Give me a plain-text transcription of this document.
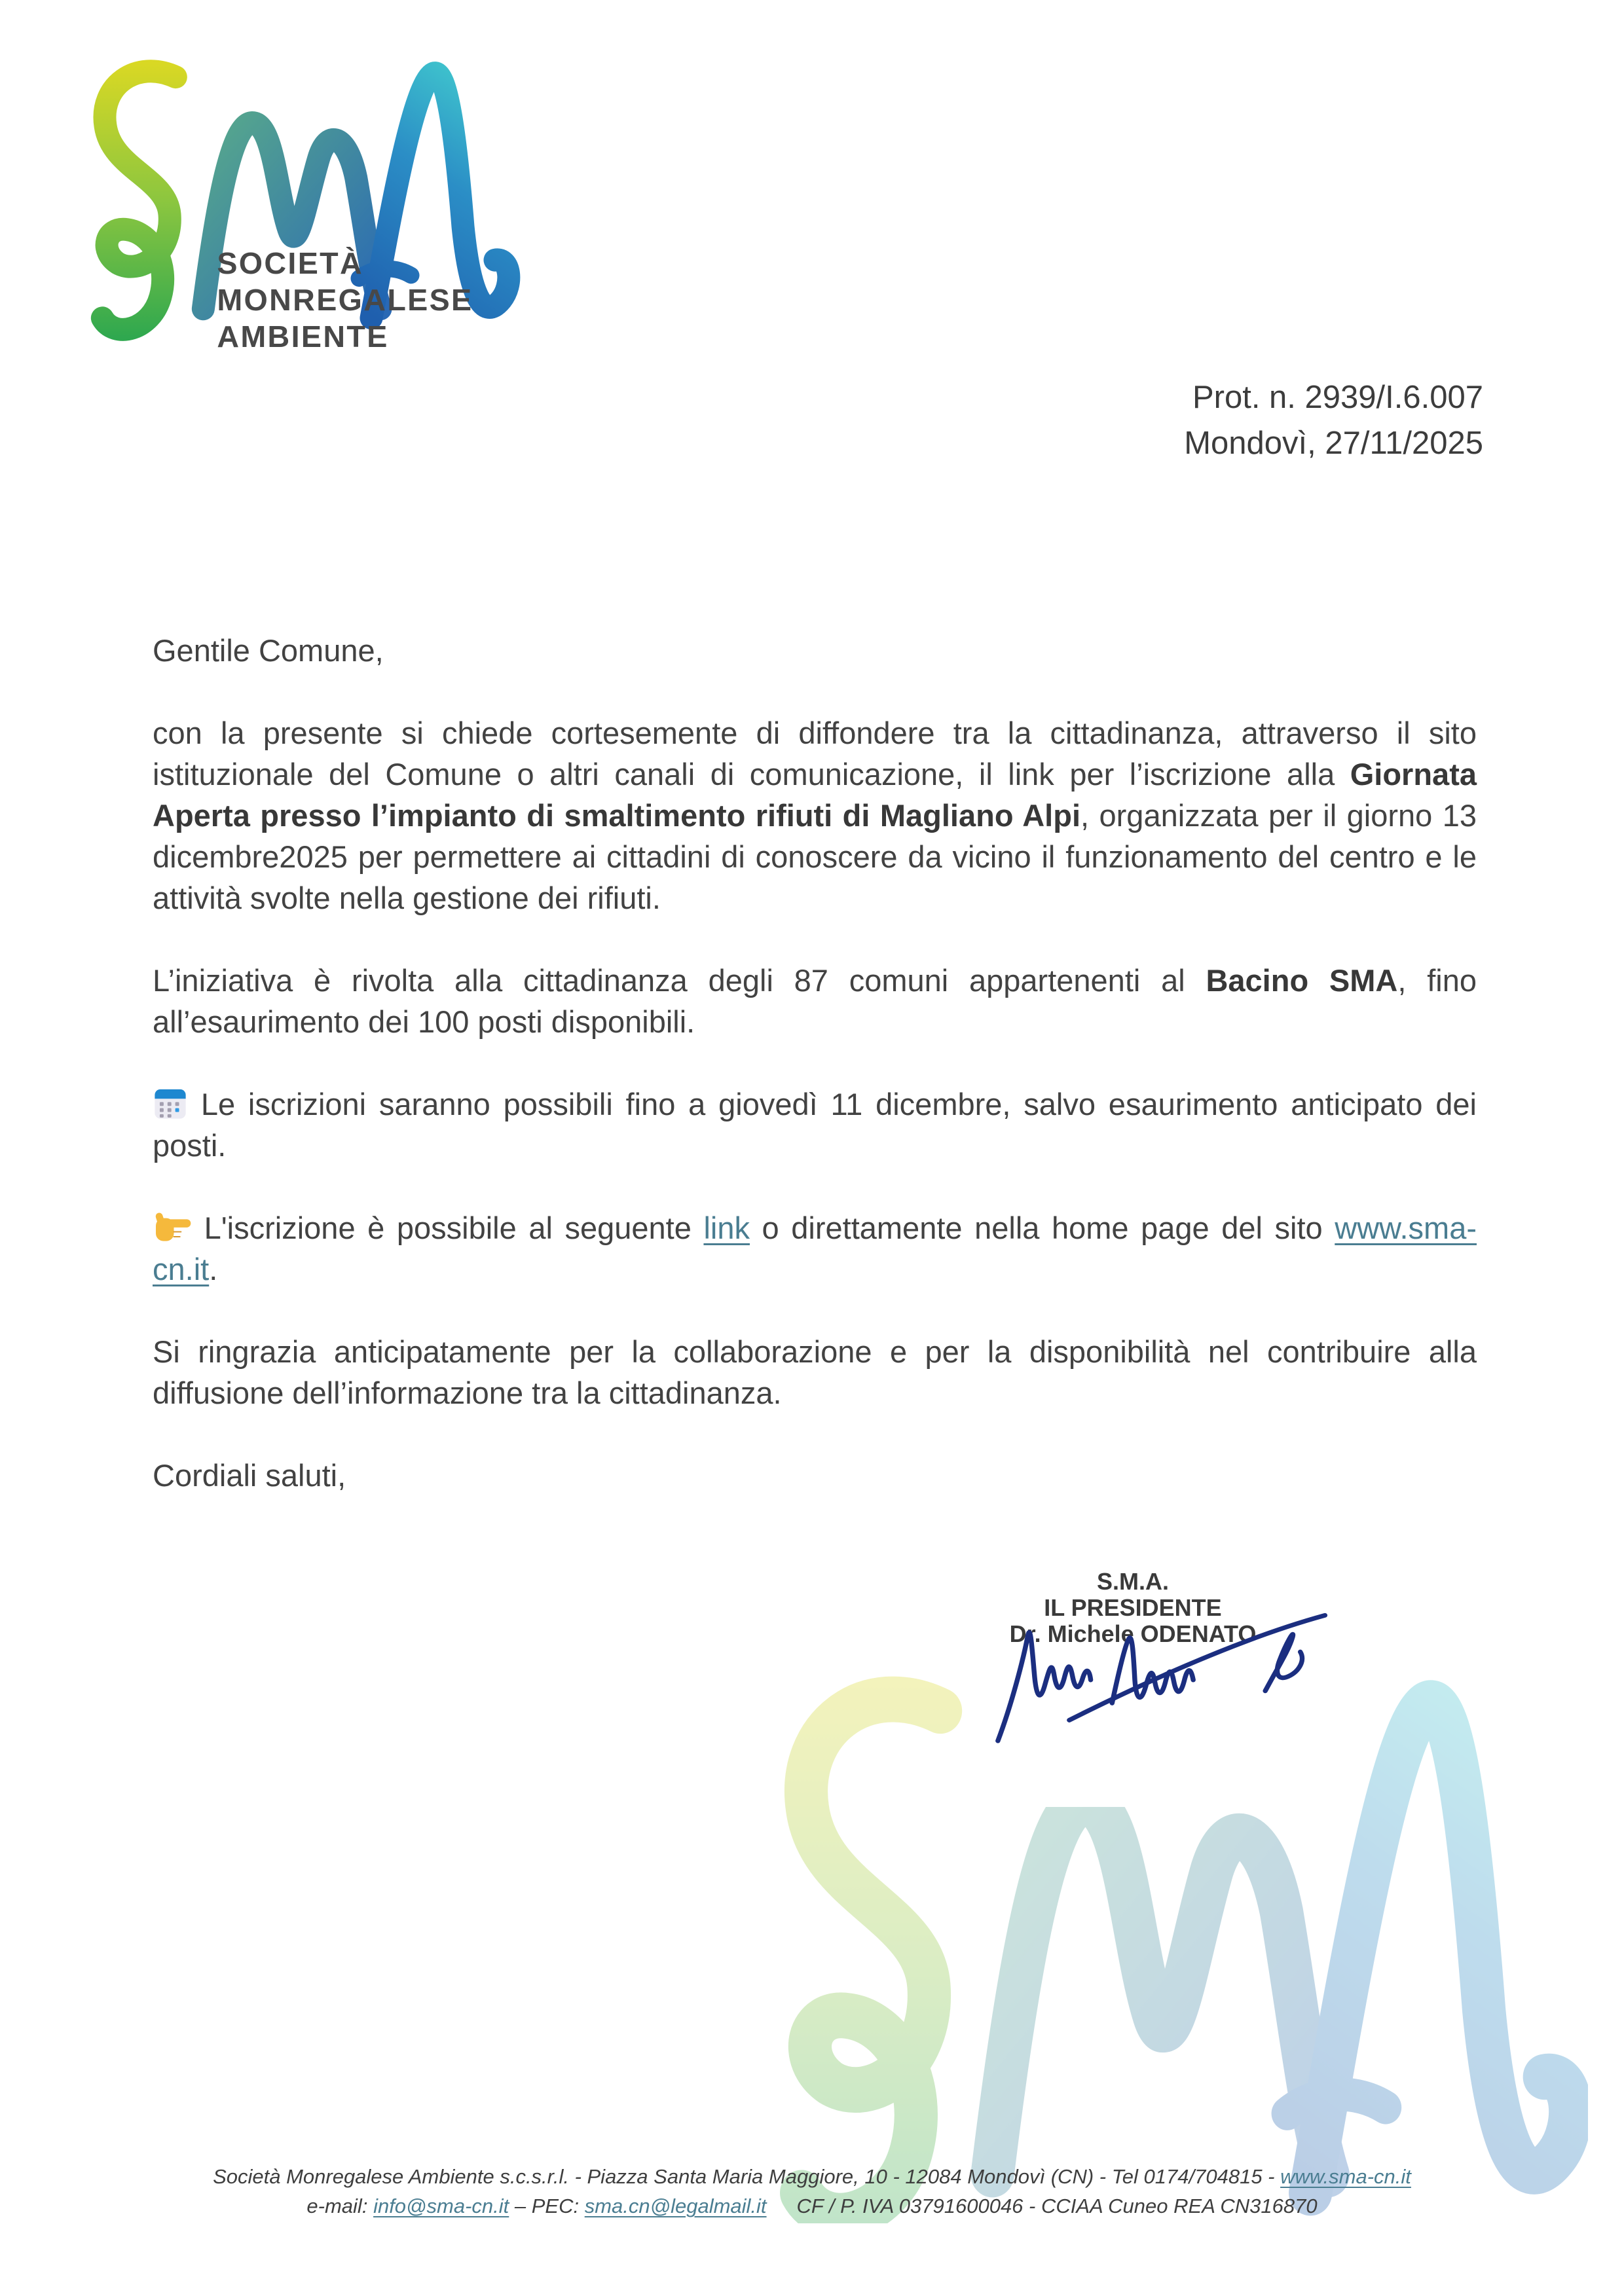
SOCIETÀ
MONREGALESE
AMBIENTE
Prot. n. 2939/I.6.007
Mondovì, 27/11/2025

Gentile Comune,

con la presente si chiede cortesemente di diffondere tra la cittadinanza, attraverso il sito istituzionale del Comune o altri canali di comunicazione, il link per l’iscrizione alla Giornata Aperta presso l’impianto di smaltimento rifiuti di Magliano Alpi, organizzata per il giorno 13 dicembre2025 per permettere ai cittadini di conoscere da vicino il funzionamento del centro e le attività svolte nella gestione dei rifiuti.

L’iniziativa è rivolta alla cittadinanza degli 87 comuni appartenenti al Bacino SMA, fino all’esaurimento dei 100 posti disponibili.

Le iscrizioni saranno possibili fino a giovedì 11 dicembre, salvo esaurimento anticipato dei posti.

L'iscrizione è possibile al seguente link o direttamente nella home page del sito www.sma-cn.it.

Si ringrazia anticipatamente per la collaborazione e per la disponibilità nel contribuire alla diffusione dell’informazione tra la cittadinanza.

Cordiali saluti,

S.M.A.
IL PRESIDENTE
Dr. Michele ODENATO
Società Monregalese Ambiente s.c.s.r.l. - Piazza Santa Maria Maggiore, 10 - 12084 Mondovì (CN) - Tel 0174/704815 - www.sma-cn.it
e-mail: info@sma-cn.it – PEC: sma.cn@legalmail.it CF / P. IVA 03791600046 - CCIAA Cuneo REA CN316870
